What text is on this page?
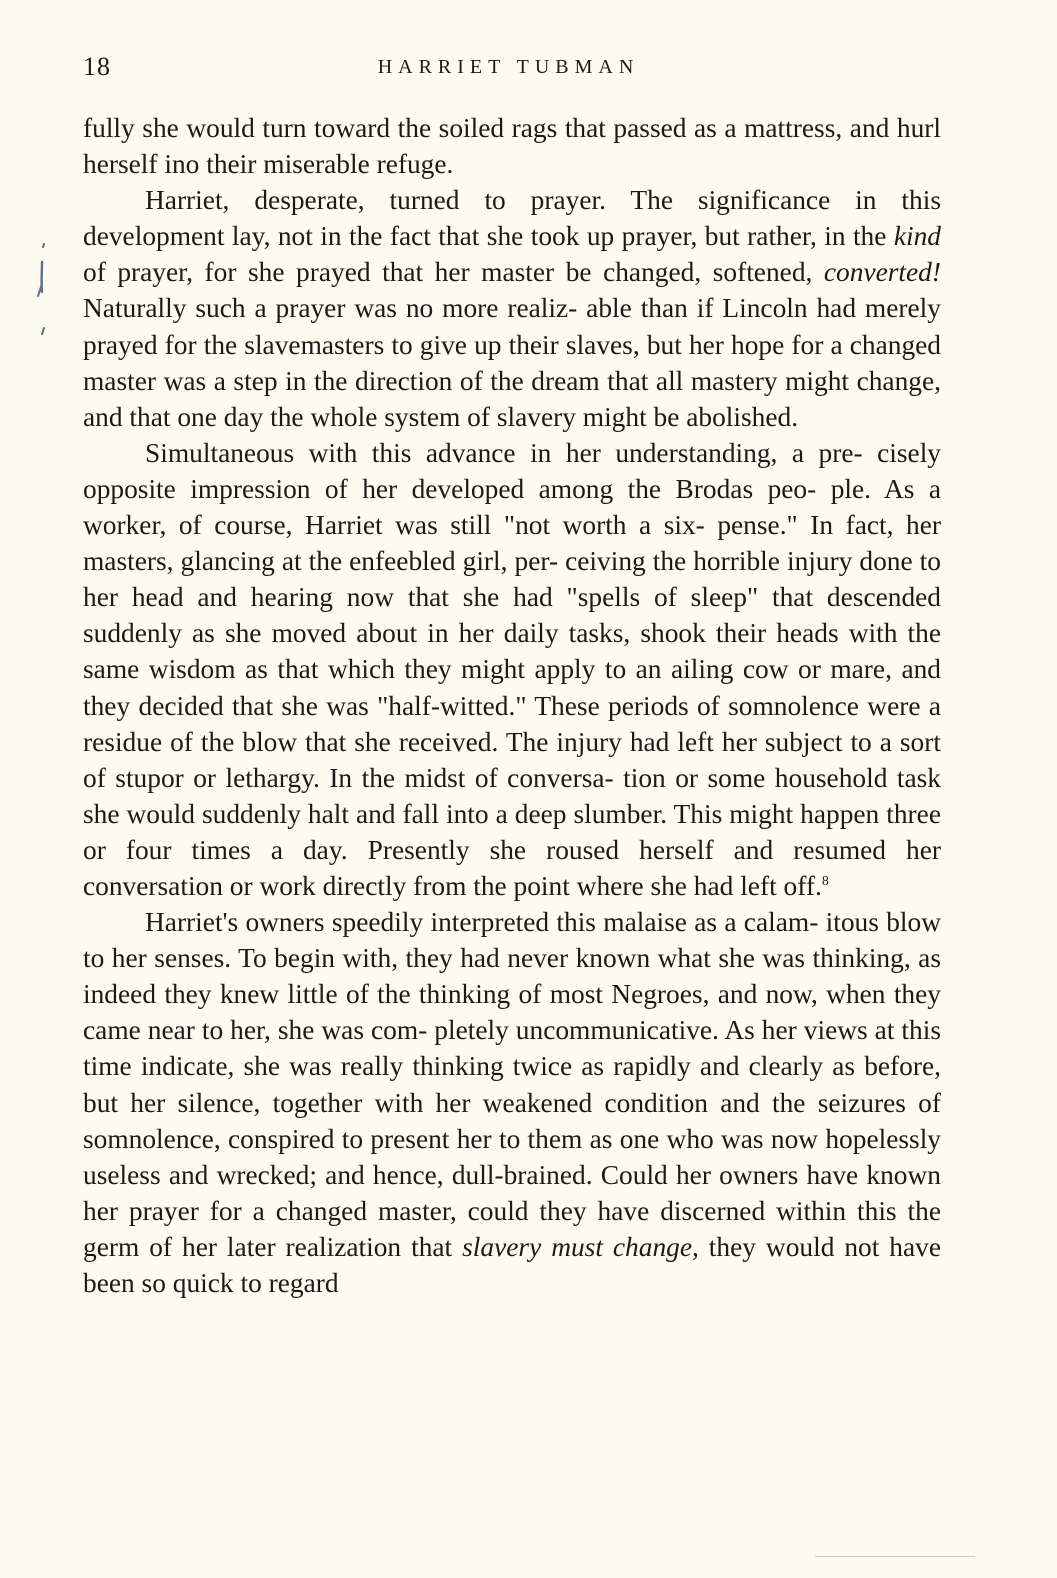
18	HARRIET TUBMAN

fully she would turn toward the soiled rags that passed as a mattress, and hurl herself ino their miserable refuge.

Harriet, desperate, turned to prayer. The significance in this development lay, not in the fact that she took up prayer, but rather, in the kind of prayer, for she prayed that her master be changed, softened, converted! Naturally such a prayer was no more realiz- able than if Lincoln had merely prayed for the slavemasters to give up their slaves, but her hope for a changed master was a step in the direction of the dream that all mastery might change, and that one day the whole system of slavery might be abolished.

Simultaneous with this advance in her understanding, a pre- cisely opposite impression of her developed among the Brodas peo- ple. As a worker, of course, Harriet was still "not worth a six- pense." In fact, her masters, glancing at the enfeebled girl, per- ceiving the horrible injury done to her head and hearing now that she had "spells of sleep" that descended suddenly as she moved about in her daily tasks, shook their heads with the same wisdom as that which they might apply to an ailing cow or mare, and they decided that she was "half-witted." These periods of somnolence were a residue of the blow that she received. The injury had left her subject to a sort of stupor or lethargy. In the midst of conversa- tion or some household task she would suddenly halt and fall into a deep slumber. This might happen three or four times a day. Presently she roused herself and resumed her conversation or work directly from the point where she had left off.$^8$

Harriet's owners speedily interpreted this malaise as a calam- itous blow to her senses. To begin with, they had never known what she was thinking, as indeed they knew little of the thinking of most Negroes, and now, when they came near to her, she was com- pletely uncommunicative. As her views at this time indicate, she was really thinking twice as rapidly and clearly as before, but her silence, together with her weakened condition and the seizures of somnolence, conspired to present her to them as one who was now hopelessly useless and wrecked; and hence, dull-brained. Could her owners have known her prayer for a changed master, could they have discerned within this the germ of her later realization that slavery must change, they would not have been so quick to regard
